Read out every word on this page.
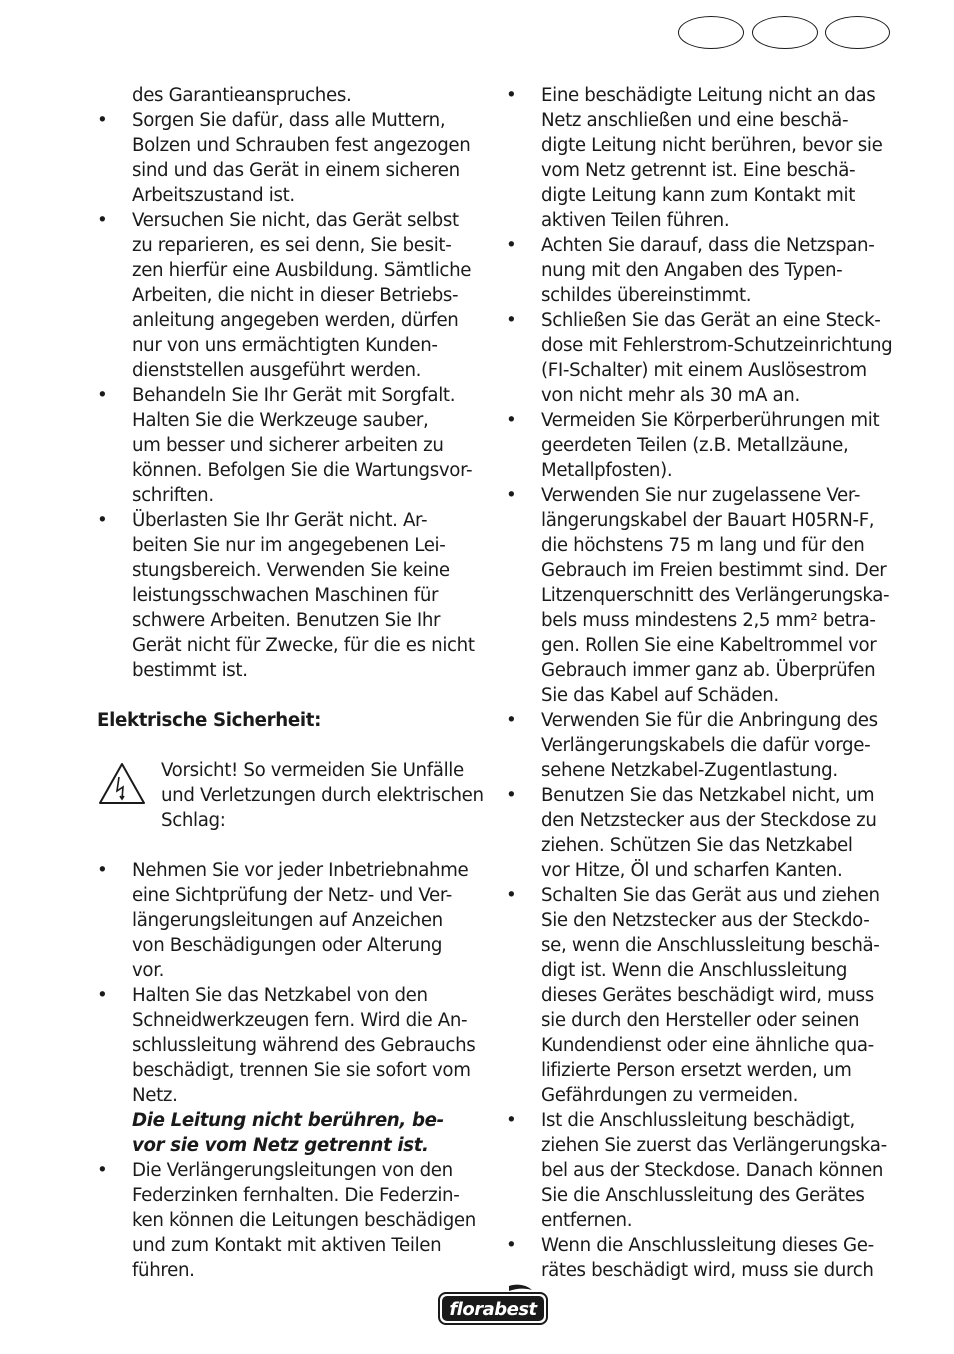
des Garantieanspruches.
• Sorgen Sie dafür, dass alle Muttern,
Bolzen und Schrauben fest angezogen
sind und das Gerät in einem sicheren
Arbeitszustand ist.
• Versuchen Sie nicht, das Gerät selbst
zu reparieren, es sei denn, Sie besit-
zen hierfür eine Ausbildung. Sämtliche
Arbeiten, die nicht in dieser Betriebs-
anleitung angegeben werden, dürfen
nur von uns ermächtigten Kunden-
dienststellen ausgeführt werden.
• Behandeln Sie Ihr Gerät mit Sorgfalt.
Halten Sie die Werkzeuge sauber,
um besser und sicherer arbeiten zu
können. Befolgen Sie die Wartungsvor-
schriften.
• Überlasten Sie Ihr Gerät nicht. Ar-
beiten Sie nur im angegebenen Lei-
stungsbereich. Verwenden Sie keine
leistungsschwachen Maschinen für
schwere Arbeiten. Benutzen Sie Ihr
Gerät nicht für Zwecke, für die es nicht
bestimmt ist.
Elektrische Sicherheit:
Vorsicht! So vermeiden Sie Unfälle
und Verletzungen durch elektrischen
Schlag:
• Nehmen Sie vor jeder Inbetriebnahme
eine Sichtprüfung der Netz- und Ver-
längerungsleitungen auf Anzeichen
von Beschädigungen oder Alterung
vor.
• Halten Sie das Netzkabel von den
Schneidwerkzeugen fern. Wird die An-
schlussleitung während des Gebrauchs
beschädigt, trennen Sie sie sofort vom
Netz.
Die Leitung nicht berühren, be-
vor sie vom Netz getrennt ist.
• Die Verlängerungsleitungen von den
Federzinken fernhalten. Die Federzin-
ken können die Leitungen beschädigen
und zum Kontakt mit aktiven Teilen
führen.
• Eine beschädigte Leitung nicht an das
Netz anschließen und eine beschä-
digte Leitung nicht berühren, bevor sie
vom Netz getrennt ist. Eine beschä-
digte Leitung kann zum Kontakt mit
aktiven Teilen führen.
• Achten Sie darauf, dass die Netzspan-
nung mit den Angaben des Typen-
schildes übereinstimmt.
• Schließen Sie das Gerät an eine Steck-
dose mit Fehlerstrom-Schutzeinrichtung
(FI-Schalter) mit einem Auslösestrom
von nicht mehr als 30 mA an.
• Vermeiden Sie Körperberührungen mit
geerdeten Teilen (z.B. Metallzäune,
Metallpfosten).
• Verwenden Sie nur zugelassene Ver-
längerungskabel der Bauart H05RN-F,
die höchstens 75 m lang und für den
Gebrauch im Freien bestimmt sind. Der
Litzenquerschnitt des Verlängerungska-
bels muss mindestens 2,5 mm² betra-
gen. Rollen Sie eine Kabeltrommel vor
Gebrauch immer ganz ab. Überprüfen
Sie das Kabel auf Schäden.
• Verwenden Sie für die Anbringung des
Verlängerungskabels die dafür vorge-
sehene Netzkabel-Zugentlastung.
• Benutzen Sie das Netzkabel nicht, um
den Netzstecker aus der Steckdose zu
ziehen. Schützen Sie das Netzkabel
vor Hitze, Öl und scharfen Kanten.
• Schalten Sie das Gerät aus und ziehen
Sie den Netzstecker aus der Steckdo-
se, wenn die Anschlussleitung beschä-
digt ist. Wenn die Anschlussleitung
dieses Gerätes beschädigt wird, muss
sie durch den Hersteller oder seinen
Kundendienst oder eine ähnliche qua-
lifizierte Person ersetzt werden, um
Gefährdungen zu vermeiden.
• Ist die Anschlussleitung beschädigt,
ziehen Sie zuerst das Verlängerungska-
bel aus der Steckdose. Danach können
Sie die Anschlussleitung des Gerätes
entfernen.
• Wenn die Anschlussleitung dieses Ge-
rätes beschädigt wird, muss sie durch
florabest
